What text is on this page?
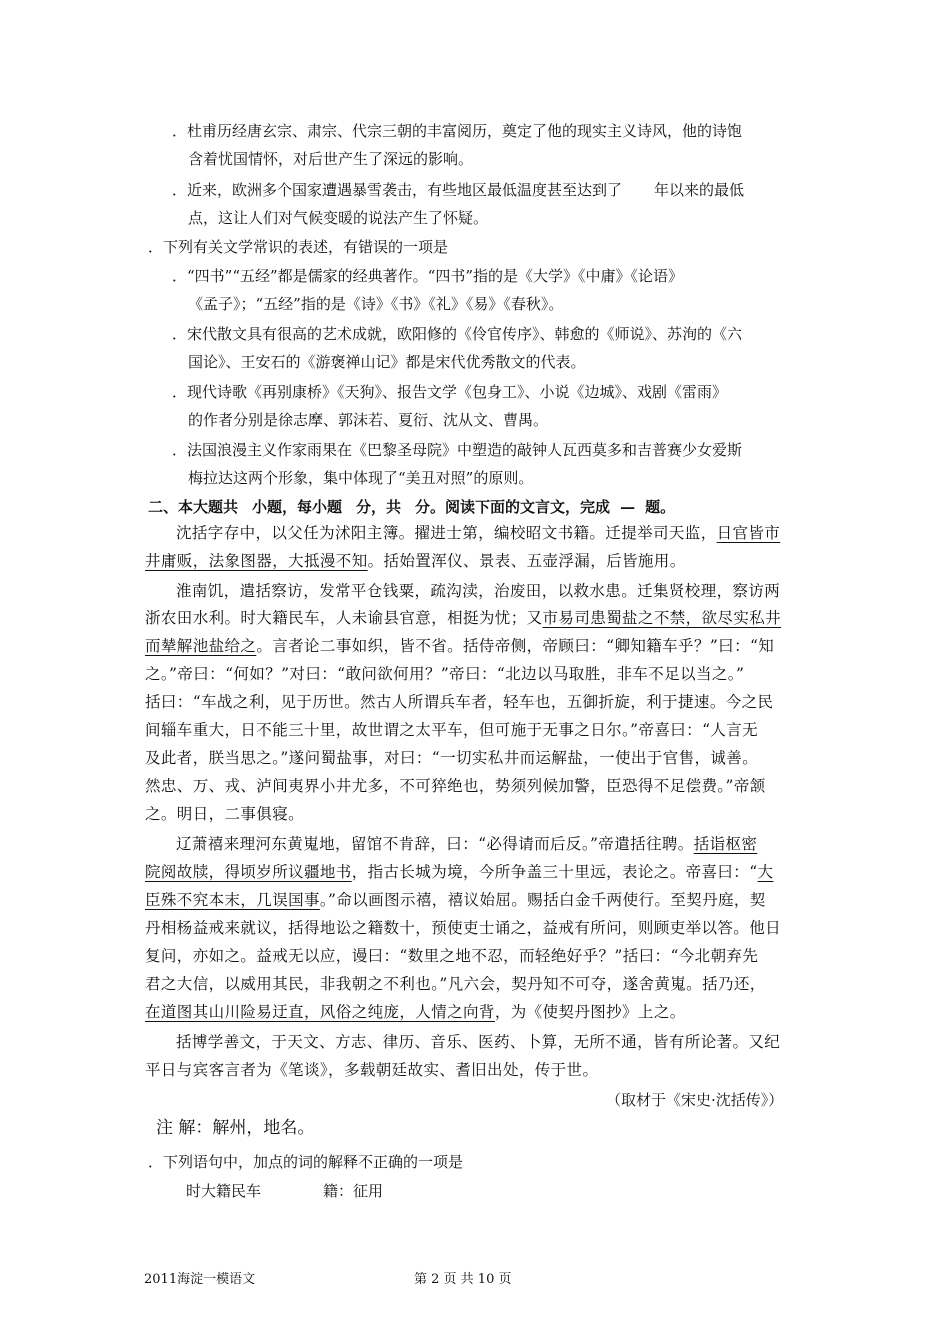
．杜甫历经唐玄宗、肃宗、代宗三朝的丰富阅历，奠定了他的现实主义诗风，他的诗饱
含着忧国情怀，对后世产生了深远的影响。
．近来，欧洲多个国家遭遇暴雪袭击，有些地区最低温度甚至达到了 年以来的最低
点，这让人们对气候变暖的说法产生了怀疑。
．下列有关文学常识的表述，有错误的一项是
．“四书”“五经”都是儒家的经典著作。“四书”指的是《大学》《中庸》《论语》
《孟子》；“五经”指的是《诗》《书》《礼》《易》《春秋》。
．宋代散文具有很高的艺术成就，欧阳修的《伶官传序》、韩愈的《师说》、苏洵的《六
国论》、王安石的《游褒禅山记》都是宋代优秀散文的代表。
．现代诗歌《再别康桥》《天狗》、报告文学《包身工》、小说《边城》、戏剧《雷雨》
的作者分别是徐志摩、郭沫若、夏衍、沈从文、曹禺。
．法国浪漫主义作家雨果在《巴黎圣母院》中塑造的敲钟人瓦西莫多和吉普赛少女爱斯
梅拉达这两个形象，集中体现了“美丑对照”的原则。
二、本大题共 小题，每小题 分，共 分。阅读下面的文言文，完成 — 题。
沈括字存中，以父任为沭阳主簿。擢进士第，编校昭文书籍。迁提举司天监，日官皆市
井庸贩，法象图器，大抵漫不知。括始置浑仪、景表、五壶浮漏，后皆施用。
淮南饥，遣括察访，发常平仓钱粟，疏沟渎，治废田，以救水患。迁集贤校理，察访两
浙农田水利。时大籍民车，人未谕县官意，相挺为忧；又市易司患蜀盐之不禁，欲尽实私井
而辇解池盐给之。言者论二事如织，皆不省。括侍帝侧，帝顾曰：“卿知籍车乎？”曰：“知
之。”帝曰：“何如？”对曰：“敢问欲何用？”帝曰：“北边以马取胜，非车不足以当之。”
括曰：“车战之利，见于历世。然古人所谓兵车者，轻车也，五御折旋，利于捷速。今之民
间辎车重大，日不能三十里，故世谓之太平车，但可施于无事之日尔。”帝喜曰：“人言无
及此者，朕当思之。”遂问蜀盐事，对曰：“一切实私井而运解盐，一使出于官售，诚善。
然忠、万、戎、泸间夷界小井尤多，不可猝绝也，势须列候加警，臣恐得不足偿费。”帝颔
之。明日，二事俱寝。
辽萧禧来理河东黄嵬地，留馆不肯辞，曰：“必得请而后反。”帝遣括往聘。括诣枢密
院阅故牍，得顷岁所议疆地书，指古长城为境，今所争盖三十里远，表论之。帝喜曰：“大
臣殊不究本末，几误国事。”命以画图示禧，禧议始屈。赐括白金千两使行。至契丹庭，契
丹相杨益戒来就议，括得地讼之籍数十，预使吏士诵之，益戒有所问，则顾吏举以答。他日
复问，亦如之。益戒无以应，谩曰：“数里之地不忍，而轻绝好乎？”括曰：“今北朝弃先
君之大信，以威用其民，非我朝之不利也。”凡六会，契丹知不可夺，遂舍黄嵬。括乃还，
在道图其山川险易迂直，风俗之纯庞，人情之向背，为《使契丹图抄》上之。
括博学善文，于天文、方志、律历、音乐、医药、卜算，无所不通，皆有所论著。又纪
平日与宾客言者为《笔谈》，多载朝廷故实、耆旧出处，传于世。
（取材于《宋史·沈括传》）
注 解：解州，地名。
．下列语句中，加点的词的解释不正确的一项是
时大籍民车	籍：征用
2011海淀一模语文	第 2 页 共 10 页
